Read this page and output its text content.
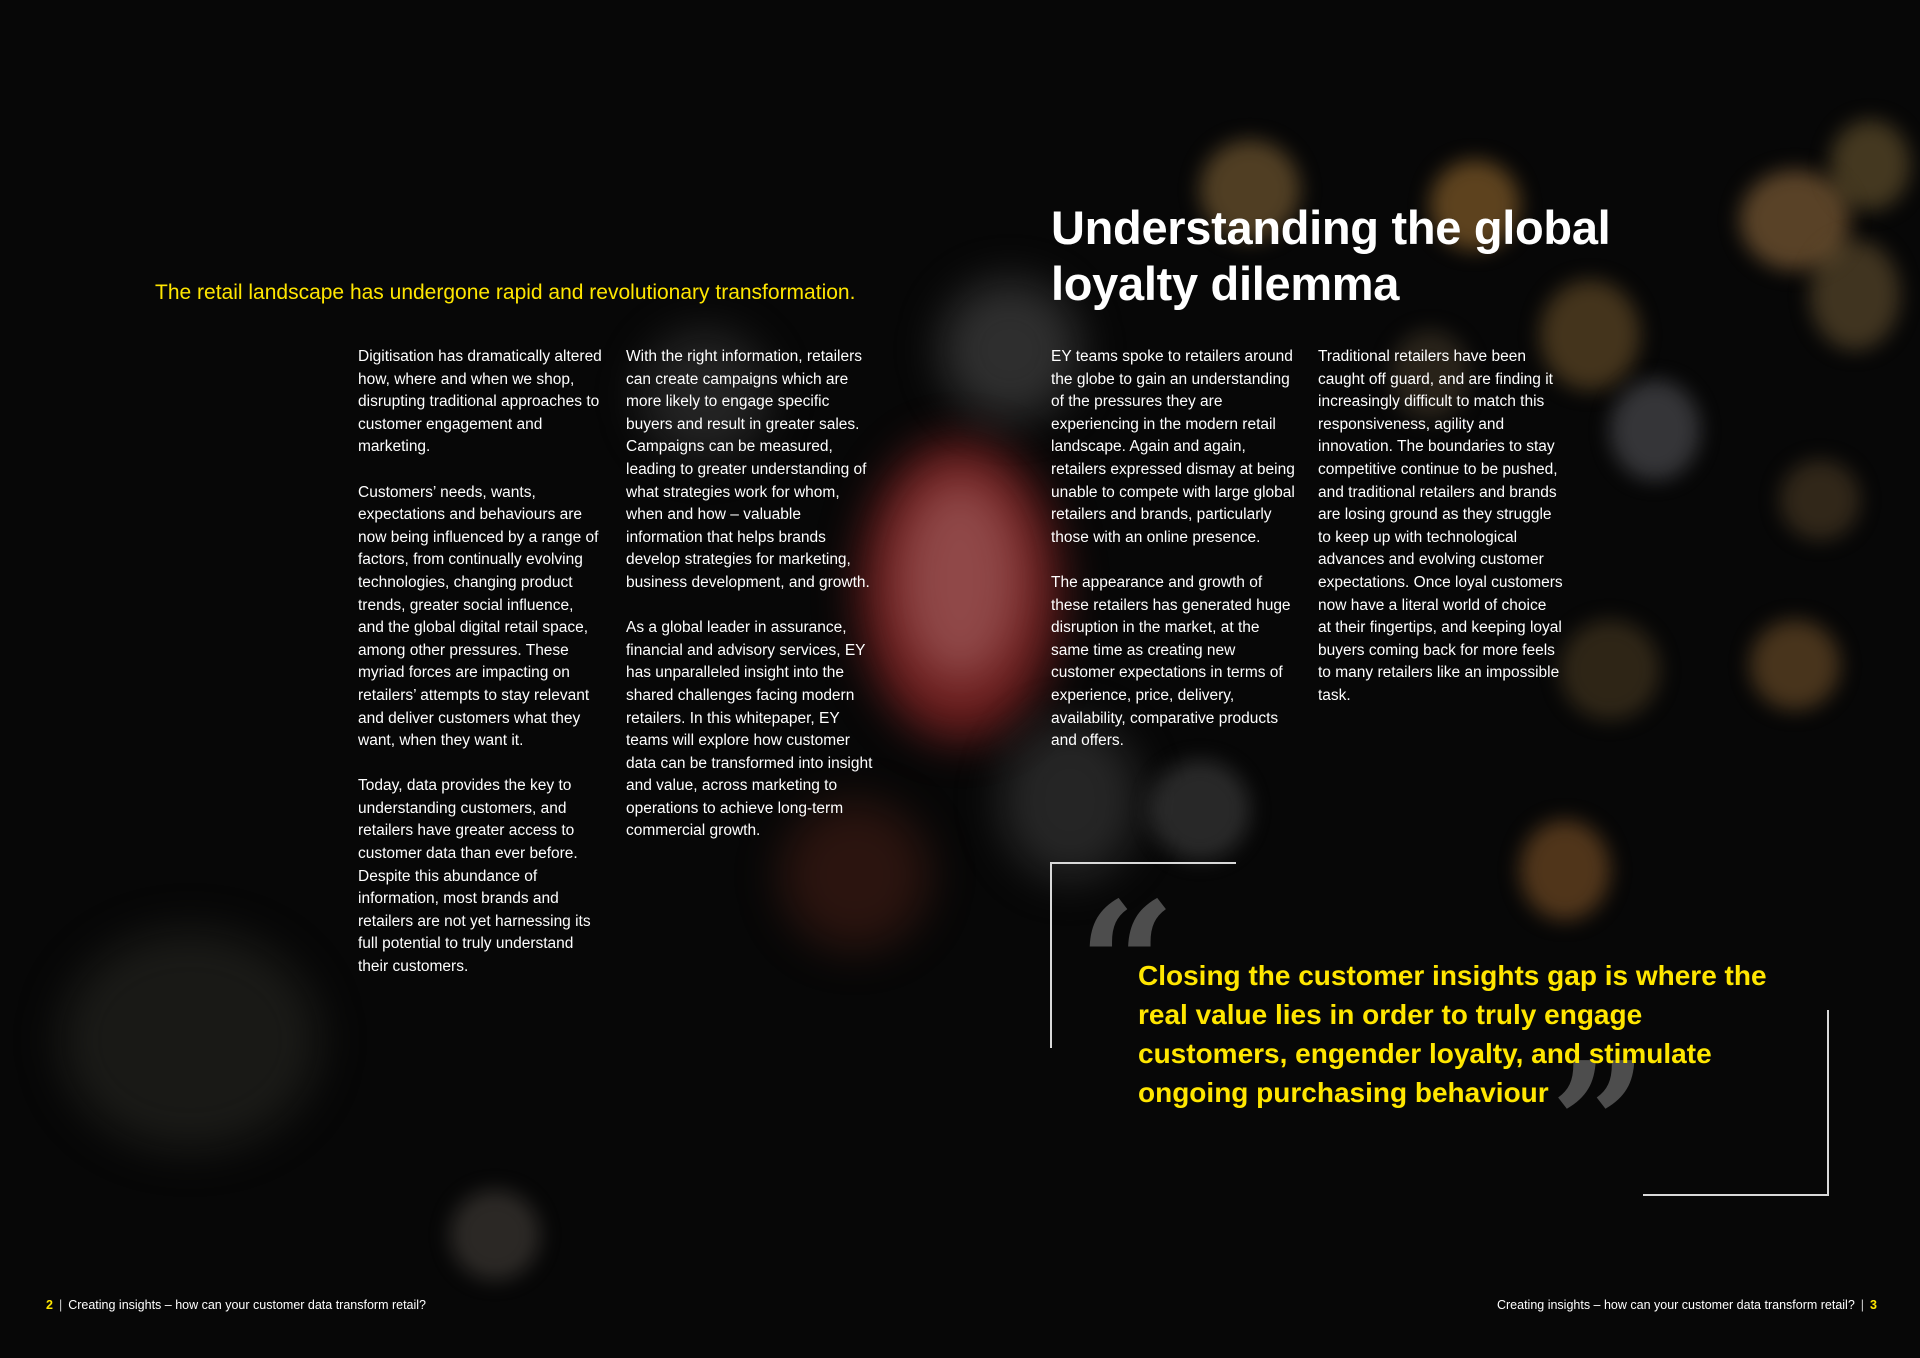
The retail landscape has undergone rapid and revolutionary transformation.

Digitisation has dramatically altered how, where and when we shop, disrupting traditional approaches to customer engagement and marketing.

Customers’ needs, wants, expectations and behaviours are now being influenced by a range of factors, from continually evolving technologies, changing product trends, greater social influence, and the global digital retail space, among other pressures. These myriad forces are impacting on retailers’ attempts to stay relevant and deliver customers what they want, when they want it.

Today, data provides the key to understanding customers, and retailers have greater access to customer data than ever before. Despite this abundance of information, most brands and retailers are not yet harnessing its full potential to truly understand their customers.

With the right information, retailers can create campaigns which are more likely to engage specific buyers and result in greater sales. Campaigns can be measured, leading to greater understanding of what strategies work for whom, when and how – valuable information that helps brands develop strategies for marketing, business development, and growth.

As a global leader in assurance, financial and advisory services, EY has unparalleled insight into the shared challenges facing modern retailers. In this whitepaper, EY teams will explore how customer data can be transformed into insight and value, across marketing to operations to achieve long-term commercial growth.

Understanding the global loyalty dilemma

EY teams spoke to retailers around the globe to gain an understanding of the pressures they are experiencing in the modern retail landscape. Again and again, retailers expressed dismay at being unable to compete with large global retailers and brands, particularly those with an online presence.

The appearance and growth of these retailers has generated huge disruption in the market, at the same time as creating new customer expectations in terms of experience, price, delivery, availability, comparative products and offers.

Traditional retailers have been caught off guard, and are finding it increasingly difficult to match this responsiveness, agility and innovation. The boundaries to stay competitive continue to be pushed, and traditional retailers and brands are losing ground as they struggle to keep up with technological advances and evolving customer expectations. Once loyal customers now have a literal world of choice at their fingertips, and keeping loyal buyers coming back for more feels to many retailers like an impossible task.

“
”

Closing the customer insights gap is where the real value lies in order to truly engage customers, engender loyalty, and stimulate ongoing purchasing behaviour

2 | Creating insights – how can your customer data transform retail?	Creating insights – how can your customer data transform retail? | 3
